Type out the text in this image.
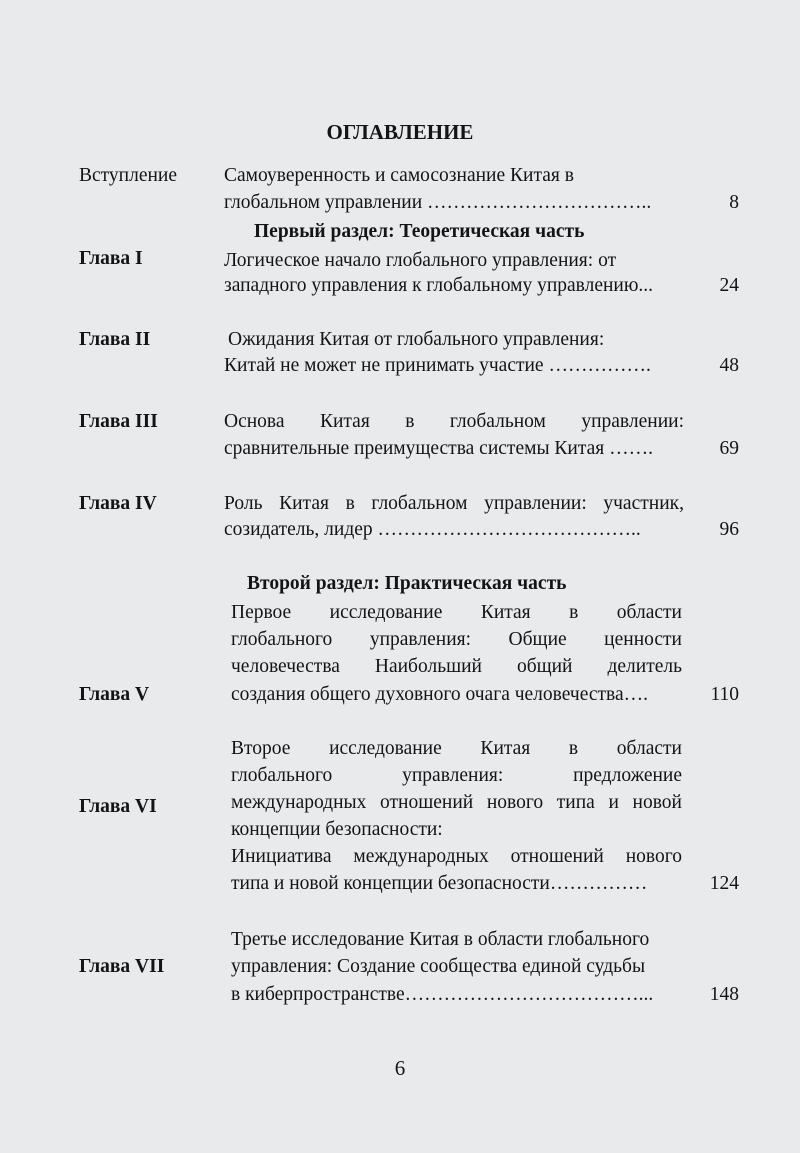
ОГЛАВЛЕНИЕ
Вступление Самоуверенность и самосознание Китая в
глобальном управлении ……………………………..	8
Первый раздел: Теоретическая часть
Глава I	Логическое начало глобального управления: от
западного управления к глобальному управлению...	24
Глава II	Ожидания Китая от глобального управления:
Китай не может не принимать участие …………….	48
Глава III	Основа Китая в глобальном управлении:
сравнительные преимущества системы Китая …….	69
Глава IV	Роль Китая в глобальном управлении: участник,
созидатель, лидер …………………………………..	96
Второй раздел: Практическая часть
Первое исследование Китая в области
глобального управления: Общие ценности
человечества Наибольший общий делитель
Глава V	создания общего духовного очага человечества….	110
Второе исследование Китая в области
глобального управления: предложение
Глава VI	международных отношений нового типа и новой
концепции безопасности:
Инициатива международных отношений нового
типа и новой концепции безопасности……………	124
Третье исследование Китая в области глобального
Глава VII	управления: Создание сообщества единой судьбы
в киберпространстве………………………………...	148
6
